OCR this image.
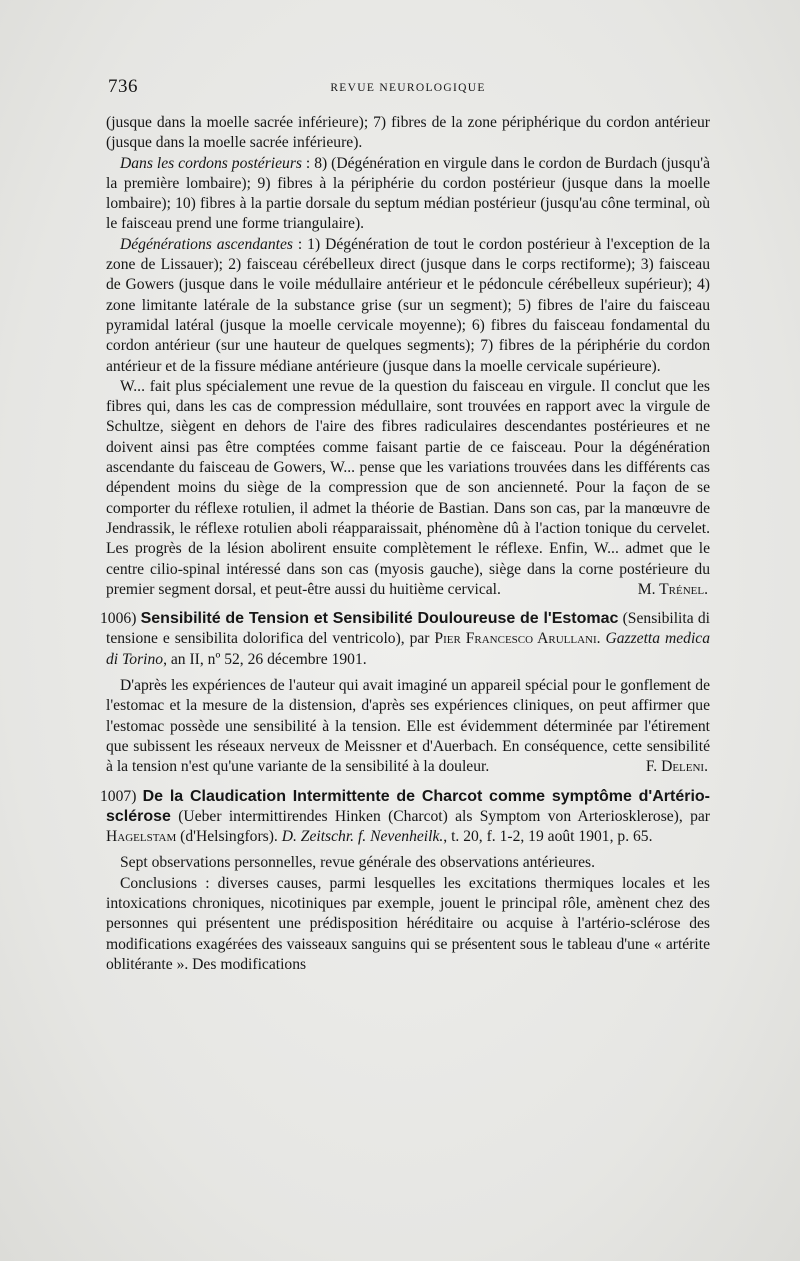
736	REVUE NEUROLOGIQUE

(jusque dans la moelle sacrée inférieure); 7) fibres de la zone périphérique du cordon antérieur (jusque dans la moelle sacrée inférieure).

Dans les cordons postérieurs : 8) (Dégénération en virgule dans le cordon de Burdach (jusqu'à la première lombaire); 9) fibres à la périphérie du cordon postérieur (jusque dans la moelle lombaire); 10) fibres à la partie dorsale du septum médian postérieur (jusqu'au cône terminal, où le faisceau prend une forme triangulaire).

Dégénérations ascendantes : 1) Dégénération de tout le cordon postérieur à l'exception de la zone de Lissauer); 2) faisceau cérébelleux direct (jusque dans le corps rectiforme); 3) faisceau de Gowers (jusque dans le voile médullaire antérieur et le pédoncule cérébelleux supérieur); 4) zone limitante latérale de la substance grise (sur un segment); 5) fibres de l'aire du faisceau pyramidal latéral (jusque la moelle cervicale moyenne); 6) fibres du faisceau fondamental du cordon antérieur (sur une hauteur de quelques segments); 7) fibres de la périphérie du cordon antérieur et de la fissure médiane antérieure (jusque dans la moelle cervicale supérieure).

W... fait plus spécialement une revue de la question du faisceau en virgule. Il conclut que les fibres qui, dans les cas de compression médullaire, sont trouvées en rapport avec la virgule de Schultze, siègent en dehors de l'aire des fibres radiculaires descendantes postérieures et ne doivent ainsi pas être comptées comme faisant partie de ce faisceau. Pour la dégénération ascendante du faisceau de Gowers, W... pense que les variations trouvées dans les différents cas dépendent moins du siège de la compression que de son ancienneté. Pour la façon de se comporter du réflexe rotulien, il admet la théorie de Bastian. Dans son cas, par la manœuvre de Jendrassik, le réflexe rotulien aboli réapparaissait, phénomène dû à l'action tonique du cervelet. Les progrès de la lésion abolirent ensuite complètement le réflexe. Enfin, W... admet que le centre cilio-spinal intéressé dans son cas (myosis gauche), siège dans la corne postérieure du premier segment dorsal, et peut-être aussi du huitième cervical.	M. Trénel.

1006) Sensibilité de Tension et Sensibilité Douloureuse de l'Estomac (Sensibilita di tensione e sensibilita dolorifica del ventricolo), par Pier Francesco Arullani. Gazzetta medica di Torino, an II, nº 52, 26 décembre 1901.

D'après les expériences de l'auteur qui avait imaginé un appareil spécial pour le gonflement de l'estomac et la mesure de la distension, d'après ses expériences cliniques, on peut affirmer que l'estomac possède une sensibilité à la tension. Elle est évidemment déterminée par l'étirement que subissent les réseaux nerveux de Meissner et d'Auerbach. En conséquence, cette sensibilité à la tension n'est qu'une variante de la sensibilité à la douleur.	F. Deleni.

1007) De la Claudication Intermittente de Charcot comme symptôme d'Artério-sclérose (Ueber intermittirendes Hinken (Charcot) als Symptom von Arteriosklerose), par Hagelstam (d'Helsingfors). D. Zeitschr. f. Nevenheilk., t. 20, f. 1-2, 19 août 1901, p. 65.

Sept observations personnelles, revue générale des observations antérieures.

Conclusions : diverses causes, parmi lesquelles les excitations thermiques locales et les intoxications chroniques, nicotiniques par exemple, jouent le principal rôle, amènent chez des personnes qui présentent une prédisposition héréditaire ou acquise à l'artério-sclérose des modifications exagérées des vaisseaux sanguins qui se présentent sous le tableau d'une « artérite oblitérante ». Des modifications
